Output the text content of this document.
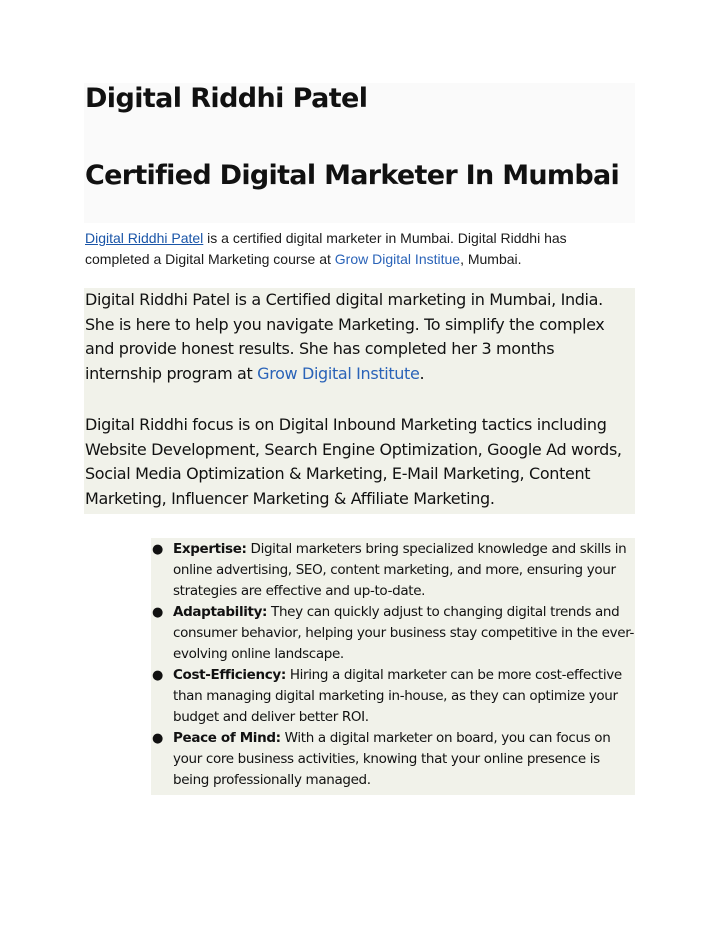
Digital Riddhi Patel
Certified Digital Marketer In Mumbai
Digital Riddhi Patel is a certified digital marketer in Mumbai. Digital Riddhi has completed a Digital Marketing course at Grow Digital Institue, Mumbai.
Digital Riddhi Patel is a Certified digital marketing in Mumbai, India. She is here to help you navigate Marketing. To simplify the complex and provide honest results. She has completed her 3 months internship program at Grow Digital Institute.
Digital Riddhi focus is on Digital Inbound Marketing tactics including Website Development, Search Engine Optimization, Google Ad words, Social Media Optimization & Marketing, E-Mail Marketing, Content Marketing, Influencer Marketing & Affiliate Marketing.
● Expertise: Digital marketers bring specialized knowledge and skills in online advertising, SEO, content marketing, and more, ensuring your strategies are effective and up-to-date.
● Adaptability: They can quickly adjust to changing digital trends and consumer behavior, helping your business stay competitive in the ever-evolving online landscape.
● Cost-Efficiency: Hiring a digital marketer can be more cost-effective than managing digital marketing in-house, as they can optimize your budget and deliver better ROI.
● Peace of Mind: With a digital marketer on board, you can focus on your core business activities, knowing that your online presence is being professionally managed.
